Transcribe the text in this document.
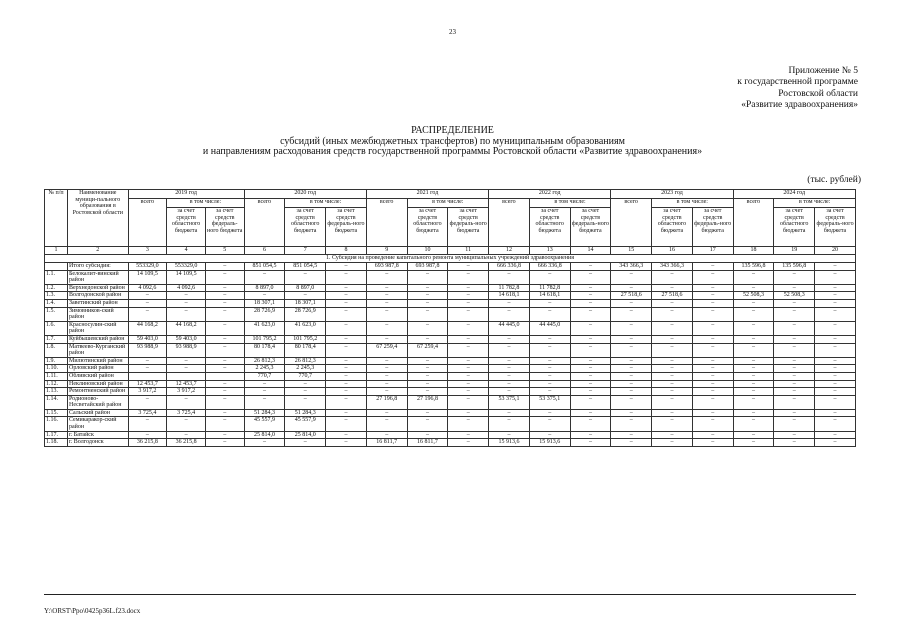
23
Приложение № 5
к государственной программе
Ростовской области
«Развитие здравоохранения»
РАСПРЕДЕЛЕНИЕ
субсидий (иных межбюджетных трансфертов) по муниципальным образованиям
и направлениям расходования средств государственной программы Ростовской области «Развитие здравоохранения»
(тыс. рублей)
№ п/п	Наименование муници-пального образования в Ростовской области	2019 год			2020 год			2021 год			2022 год			2023 год			2024 год		
		всего	в том числе:		всего	в том числе:		всего	в том числе:		всего	в том числе:		всего	в том числе:		всего	в том числе:	
			за счет средств областного бюджета	за счет средств федераль-ного бюджета		за счет средств областного бюджета	за счет средств федераль-ного бюджета		за счет средств областного бюджета	за счет средств федераль-ного бюджета		за счет средств областного бюджета	за счет средств федераль-ного бюджета		за счет средств областного бюджета	за счет средств федераль-ного бюджета		за счет средств областного бюджета	за счет средств федераль-ного бюджета
1	2	3	4	5	6	7	8	9	10	11	12	13	14	15	16	17	18	19	20
1. Субсидия на проведение капитального ремонта муниципальных учреждений здравоохранения																			
	Итого субсидия:	553329,0	553329,0	–	851 054,5	851 054,5	–	693 987,8	693 987,8	–	666 336,8	666 336,8	–	343 366,3	343 366,3	–	135 596,8	135 596,8	–
1.1.	Белокалит-винский район	14 109,5	14 109,5	–	–	–	–	–	–	–	–	–	–	–	–	–	–	–	–
1.2.	Верхнедонской район	4 092,6	4 092,6	–	8 897,0	8 897,0	–	–	–	–	11 782,8	11 782,8	–	–	–	–	–	–	–
1.3.	Волгодонской район	–	–	–	–	–	–	–	–	–	14 618,1	14 618,1	–	27 518,6	27 518,6	–	52 508,3	52 508,3	–
1.4.	Заветинский район	–	–	–	18 307,1	18 307,1	–	–	–	–	–	–	–	–	–	–	–	–	–
1.5.	Зимовников-ский район	–	–	–	28 726,9	28 726,9	–	–	–	–	–	–	–	–	–	–	–	–	–
1.6.	Красносулин-ский район	44 168,2	44 168,2	–	41 623,0	41 623,0	–	–	–	–	44 445,0	44 445,0	–	–	–	–	–	–	–
1.7.	Куйбышевский район	59 403,0	59 403,0	–	101 795,2	101 795,2	–	–	–	–	–	–	–	–	–	–	–	–	–
1.8.	Матвеево-Курганский район	93 988,9	93 988,9	–	80 178,4	80 178,4	–	67 259,4	67 259,4	–	–	–	–	–	–	–	–	–	–
1.9.	Милютинский район	–	–	–	26 812,3	26 812,3	–	–	–	–	–	–	–	–	–	–	–	–	–
1.10.	Орловский район	–	–	–	2 245,3	2 245,3	–	–	–	–	–	–	–	–	–	–	–	–	–
1.11.	Обливский район				770,7	770,7	–	–	–	–	–	–	–	–	–	–	–	–	–
1.12.	Неклиновский район	12 453,7	12 453,7	–	–	–	–	–	–	–	–	–	–	–	–	–	–	–	–
1.13.	Ремонтненский район	3 917,2	3 917,2	–	–	–	–	–	–	–	–	–	–	–	–	–	–	–	–
1.14.	Родионово-Несветайский район	–	–	–	–	–	–	27 196,8	27 196,8	–	53 375,1	53 375,1	–	–	–	–	–	–	–
1.15.	Сальский район	3 725,4	3 725,4	–	51 284,3	51 284,3	–	–	–	–	–	–	–	–	–	–	–	–	–
1.16.	Семикаракор-ский район	–	–	–	45 557,9	45 557,9	–	–	–	–	–	–	–	–	–	–	–	–	–
1.17.	г. Батайск	–	–	–	25 814,0	25 814,0	–	–	–	–	–	–	–	–	–	–	–	–	–
1.18.	г. Волгодонск	36 215,8	36 215,8	–	–	–	–	16 811,7	16 811,7	–	15 913,6	15 913,6	–	–	–	–	–	–	–
Y:\ORST\Ppo\0425p36L.f23.docx
